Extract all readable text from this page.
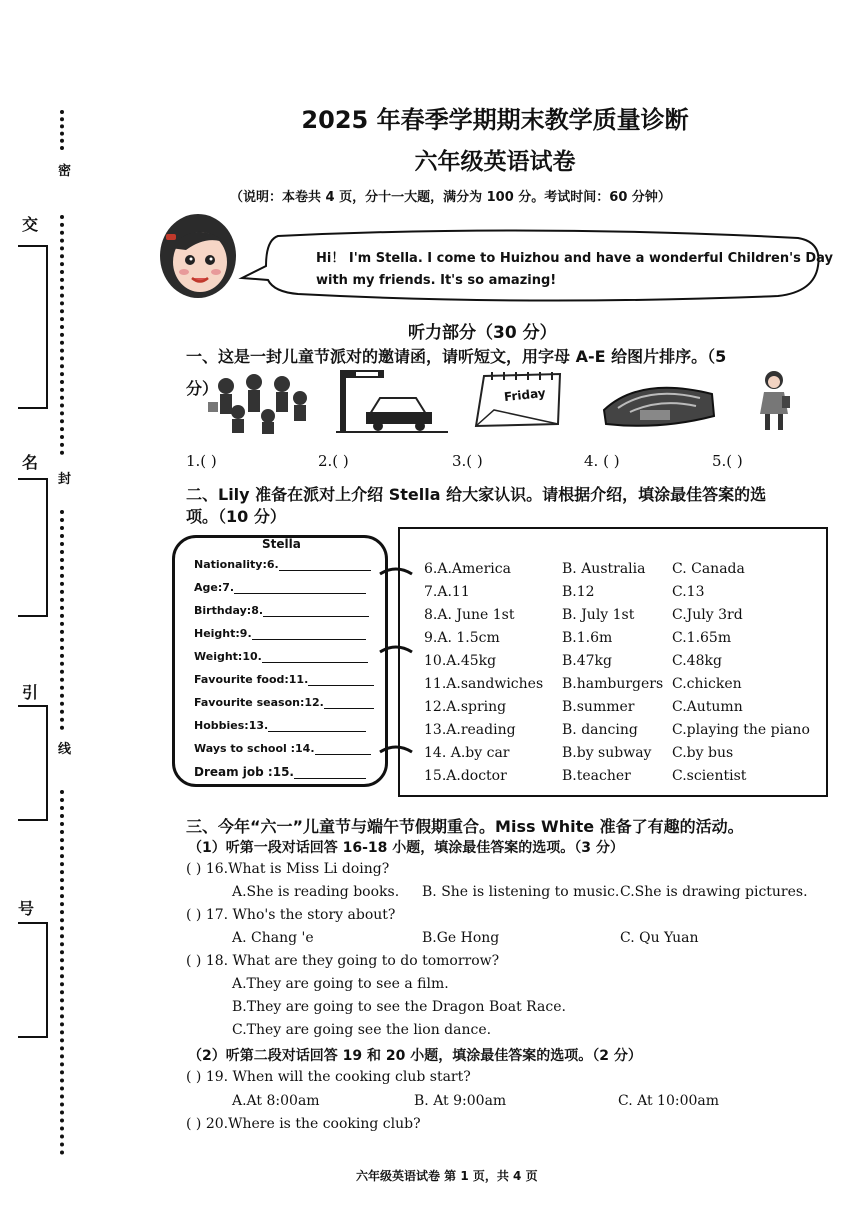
密
封
线
交
名
引
号
2025 年春季学期期末教学质量诊断
六年级英语试卷
（说明：本卷共 4 页，分十一大题，满分为 100 分。考试时间：60 分钟）
Hi！ I'm Stella. I come to Huizhou and have a wonderful Children's Day
with my friends. It's so amazing!
听力部分（30 分）
一、这是一封儿童节派对的邀请函，请听短文，用字母 A-E 给图片排序。（5
分）	Friday
1.( )	2.( )	3.( )	4. ( )	5.( )
二、Lily 准备在派对上介绍 Stella 给大家认识。请根据介绍，填涂最佳答案的选
项。（10 分）
Stella
Nationality:6.
Age:7.
Birthday:8.
Height:9.
Weight:10.
Favourite food:11.
Favourite season:12.
Hobbies:13.
Ways to school :14.
Dream job :15.
6.A.America	B. Australia C. Canada
7.A.11	B.12	C.13
8.A. June 1st	B. July 1st	C.July 3rd
9.A. 1.5cm	B.1.6m	C.1.65m
10.A.45kg	B.47kg	C.48kg
11.A.sandwiches B.hamburgers C.chicken
12.A.spring	B.summer	C.Autumn
13.A.reading	B. dancing C.playing the piano
14. A.by car	B.by subway C.by bus
15.A.doctor	B.teacher	C.scientist
三、今年“六一”儿童节与端午节假期重合。Miss White 准备了有趣的活动。
（1）听第一段对话回答 16-18 小题，填涂最佳答案的选项。（3 分）
( ) 16.What is Miss Li doing?
A.She is reading books. B. She is listening to music. C.She is drawing pictures.
( ) 17. Who's the story about?
A. Chang 'e	B.Ge Hong	C. Qu Yuan
( ) 18. What are they going to do tomorrow?
A.They are going to see a film.
B.They are going to see the Dragon Boat Race.
C.They are going see the lion dance.
（2）听第二段对话回答 19 和 20 小题，填涂最佳答案的选项。（2 分）
( ) 19. When will the cooking club start?
A.At 8:00am	B. At 9:00am	C. At 10:00am
( ) 20.Where is the cooking club?
六年级英语试卷 第 1 页，共 4 页
